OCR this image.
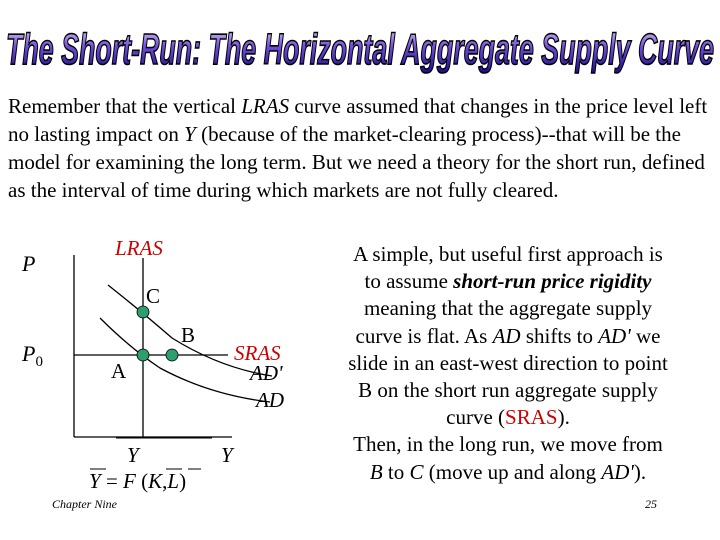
The Short-Run: The Horizontal Aggregate Supply Curve
Remember that the vertical LRAS curve assumed that changes in the price level left no lasting impact on Y (because of the market-clearing process)--that will be the model for examining the long term. But we need a theory for the short run, defined as the interval of time during which markets are not fully cleared.
P
$P_0$
LRAS
C
B
A
SRAS
AD'
AD
Y	Y
Y = F (K,L)
A simple, but useful first approach is
to assume short-run price rigidity
meaning that the aggregate supply
curve is flat. As AD shifts to AD' we
slide in an east-west direction to point
B on the short run aggregate supply
curve (SRAS).
Then, in the long run, we move from
B to C (move up and along AD').
Chapter Nine	25
